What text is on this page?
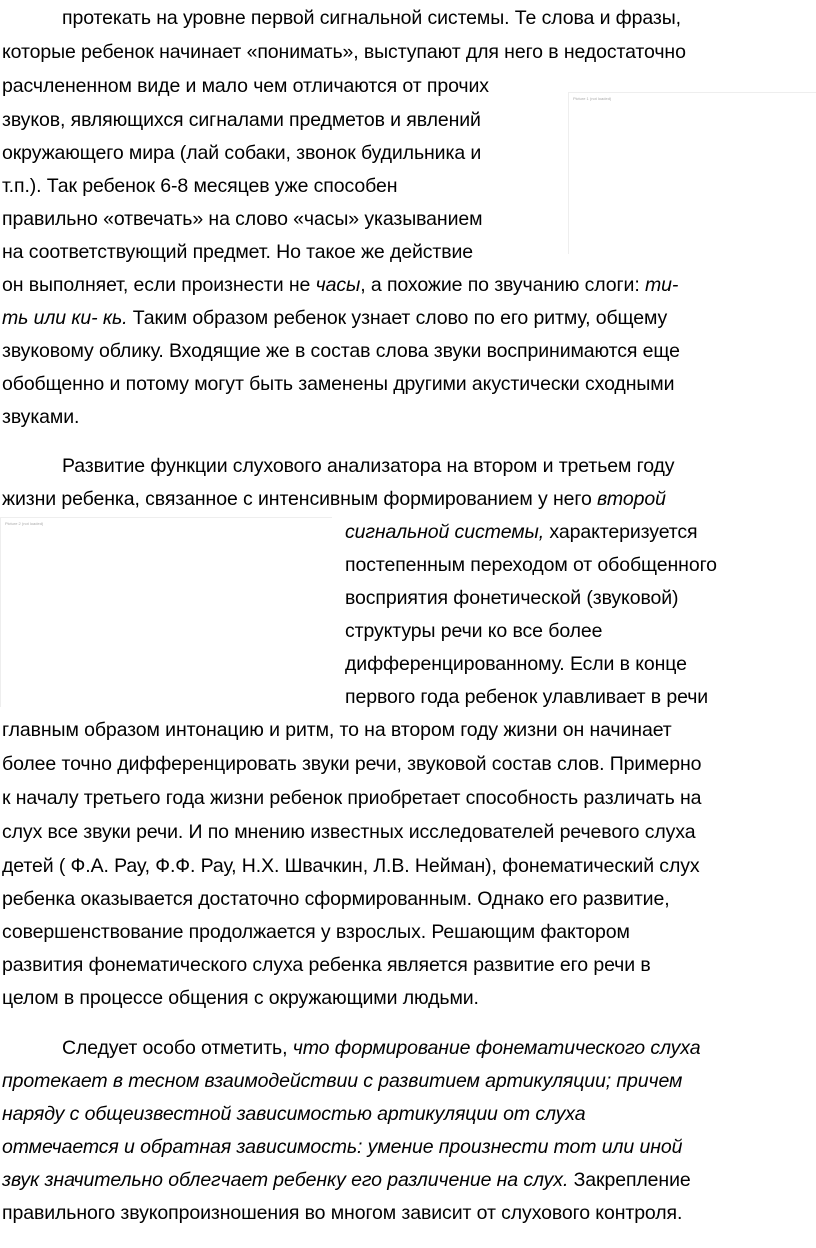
Picture 1 (not loaded)
Picture 2 (not loaded)
протекать на уровне первой сигнальной системы. Те слова и фразы,
которые ребенок начинает «понимать», выступают для него в недостаточно
расчлененном виде и мало чем отличаются от прочих
звуков, являющихся сигналами предметов и явлений
окружающего мира (лай собаки, звонок будильника и
т.п.). Так ребенок 6-8 месяцев уже способен
правильно «отвечать» на слово «часы» указыванием
на соответствующий предмет. Но такое же действие
он выполняет, если произнести не часы, а похожие по звучанию слоги: ти-
ть или ки- кь. Таким образом ребенок узнает слово по его ритму, общему
звуковому облику. Входящие же в состав слова звуки воспринимаются еще
обобщенно и потому могут быть заменены другими акустически сходными
звуками.
Развитие функции слухового анализатора на втором и третьем году
жизни ребенка, связанное с интенсивным формированием у него второй
сигнальной системы, характеризуется
постепенным переходом от обобщенного
восприятия фонетической (звуковой)
структуры речи ко все более
дифференцированному. Если в конце
первого года ребенок улавливает в речи
главным образом интонацию и ритм, то на втором году жизни он начинает
более точно дифференцировать звуки речи, звуковой состав слов. Примерно
к началу третьего года жизни ребенок приобретает способность различать на
слух все звуки речи. И по мнению известных исследователей речевого слуха
детей ( Ф.А. Рау, Ф.Ф. Рау, Н.Х. Швачкин, Л.В. Нейман), фонематический слух
ребенка оказывается достаточно сформированным. Однако его развитие,
совершенствование продолжается у взрослых. Решающим фактором
развития фонематического слуха ребенка является развитие его речи в
целом в процессе общения с окружающими людьми.
Следует особо отметить, что формирование фонематического слуха
протекает в тесном взаимодействии с развитием артикуляции; причем
наряду с общеизвестной зависимостью артикуляции от слуха
отмечается и обратная зависимость: умение произнести тот или иной
звук значительно облегчает ребенку его различение на слух. Закрепление
правильного звукопроизношения во многом зависит от слухового контроля.
